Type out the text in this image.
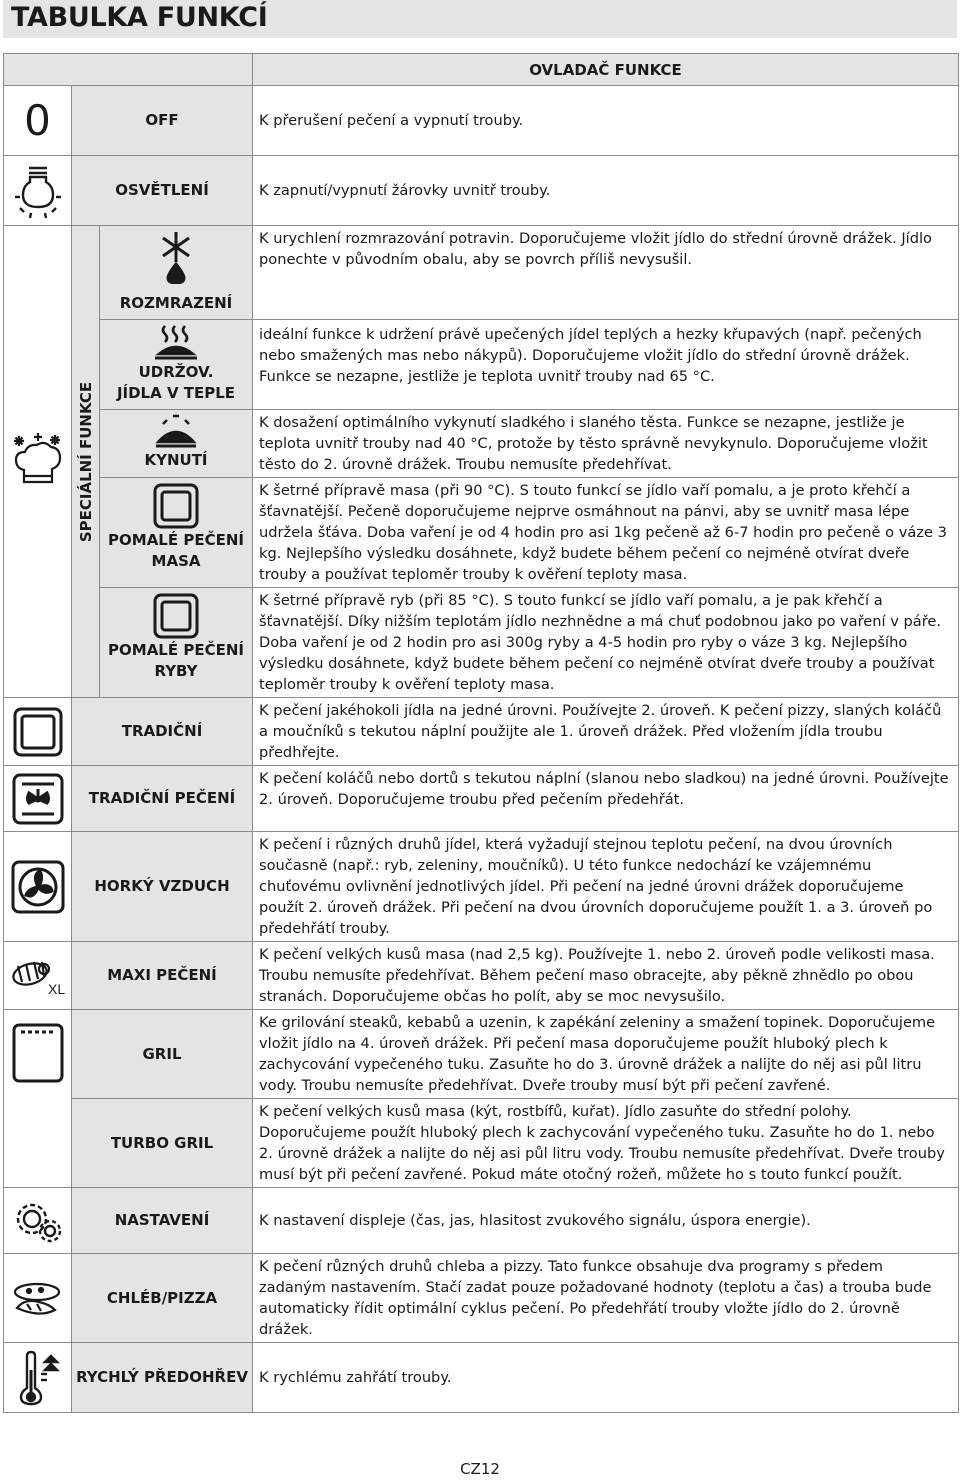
TABULKA FUNKCÍ
			OVLADAČ FUNKCE
0	OFF		K přerušení pečení a vypnutí trouby.
	OSVĚTLENÍ		K zapnutí/vypnutí žárovky uvnitř trouby.

SPECIÁLNÍ FUNKCE	ROZMRAZENÍ	K urychlení rozmrazování potravin. Doporučujeme vložit jídlo do střední úrovně drážek. Jídlo ponechte v původním obalu, aby se povrch příliš nevysušil.

		UDRŽOV. JÍDLA V TEPLE	ideální funkce k udržení právě upečených jídel teplých a hezky křupavých (např. pečených nebo smažených mas nebo nákypů). Doporučujeme vložit jídlo do střední úrovně drážek. Funkce se nezapne, jestliže je teplota uvnitř trouby nad 65 °C.

		KYNUTÍ	K dosažení optimálního vykynutí sladkého i slaného těsta. Funkce se nezapne, jestliže je teplota uvnitř trouby nad 40 °C, protože by těsto správně nevykynulo. Doporučujeme vložit těsto do 2. úrovně drážek. Troubu nemusíte předehřívat.

		POMALÉ PEČENÍ MASA	K šetrné přípravě masa (při 90 °C). S touto funkcí se jídlo vaří pomalu, a je proto křehčí a šťavnatější. Pečeně doporučujeme nejprve osmáhnout na pánvi, aby se uvnitř masa lépe udržela šťáva. Doba vaření je od 4 hodin pro asi 1kg pečeně až 6-7 hodin pro pečeně o váze 3 kg. Nejlepšího výsledku dosáhnete, když budete během pečení co nejméně otvírat dveře trouby a používat teploměr trouby k ověření teploty masa.

		POMALÉ PEČENÍ RYBY	K šetrné přípravě ryb (při 85 °C). S touto funkcí se jídlo vaří pomalu, a je pak křehčí a šťavnatější. Díky nižším teplotám jídlo nezhnědne a má chuť podobnou jako po vaření v páře. Doba vaření je od 2 hodin pro asi 300g ryby a 4-5 hodin pro ryby o váze 3 kg. Nejlepšího výsledku dosáhnete, když budete během pečení co nejméně otvírat dveře trouby a používat teploměr trouby k ověření teploty masa.
	TRADIČNÍ		K pečení jakéhokoli jídla na jedné úrovni. Používejte 2. úroveň. K pečení pizzy, slaných koláčů a moučníků s tekutou náplní použijte ale 1. úroveň drážek. Před vložením jídla troubu předhřejte.
	TRADIČNÍ PEČENÍ		K pečení koláčů nebo dortů s tekutou náplní (slanou nebo sladkou) na jedné úrovni. Používejte 2. úroveň. Doporučujeme troubu před pečením předehřát.
	HORKÝ VZDUCH		K pečení i různých druhů jídel, která vyžadují stejnou teplotu pečení, na dvou úrovních současně (např.: ryb, zeleniny, moučníků). U této funkce nedochází ke vzájemnému chuťovému ovlivnění jednotlivých jídel. Při pečení na jedné úrovni drážek doporučujeme použít 2. úroveň drážek. Při pečení na dvou úrovních doporučujeme použít 1. a 3. úroveň po předehřátí trouby.

XL	MAXI PEČENÍ		K pečení velkých kusů masa (nad 2,5 kg). Používejte 1. nebo 2. úroveň podle velikosti masa. Troubu nemusíte předehřívat. Během pečení maso obracejte, aby pěkně zhnědlo po obou stranách. Doporučujeme občas ho polít, aby se moc nevysušilo.
	GRIL		Ke grilování steaků, kebabů a uzenin, k zapékání zeleniny a smažení topinek. Doporučujeme vložit jídlo na 4. úroveň drážek. Při pečení masa doporučujeme použít hluboký plech k zachycování vypečeného tuku. Zasuňte ho do 3. úrovně drážek a nalijte do něj asi půl litru vody. Troubu nemusíte předehřívat. Dveře trouby musí být při pečení zavřené.
	TURBO GRIL		K pečení velkých kusů masa (kýt, rostbífů, kuřat). Jídlo zasuňte do střední polohy. Doporučujeme použít hluboký plech k zachycování vypečeného tuku. Zasuňte ho do 1. nebo 2. úrovně drážek a nalijte do něj asi půl litru vody. Troubu nemusíte předehřívat. Dveře trouby musí být při pečení zavřené. Pokud máte otočný rožeň, můžete ho s touto funkcí použít.
	NASTAVENÍ		K nastavení displeje (čas, jas, hlasitost zvukového signálu, úspora energie).
	CHLÉB/PIZZA		K pečení různých druhů chleba a pizzy. Tato funkce obsahuje dva programy s předem zadaným nastavením. Stačí zadat pouze požadované hodnoty (teplotu a čas) a trouba bude automaticky řídit optimální cyklus pečení. Po předehřátí trouby vložte jídlo do 2. úrovně drážek.
	RYCHLÝ PŘEDOHŘEV		K rychlému zahřátí trouby.
CZ12
